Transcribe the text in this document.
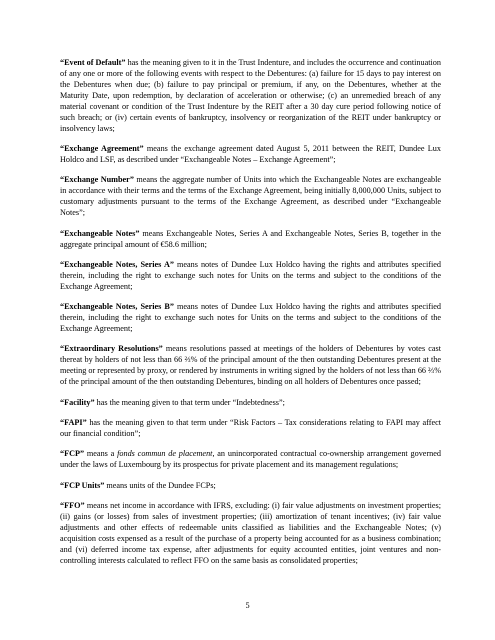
“Event of Default” has the meaning given to it in the Trust Indenture, and includes the occurrence and continuation of any one or more of the following events with respect to the Debentures: (a) failure for 15 days to pay interest on the Debentures when due; (b) failure to pay principal or premium, if any, on the Debentures, whether at the Maturity Date, upon redemption, by declaration of acceleration or otherwise; (c) an unremedied breach of any material covenant or condition of the Trust Indenture by the REIT after a 30 day cure period following notice of such breach; or (iv) certain events of bankruptcy, insolvency or reorganization of the REIT under bankruptcy or insolvency laws;

“Exchange Agreement” means the exchange agreement dated August 5, 2011 between the REIT, Dundee Lux Holdco and LSF, as described under “Exchangeable Notes – Exchange Agreement”;

“Exchange Number” means the aggregate number of Units into which the Exchangeable Notes are exchangeable in accordance with their terms and the terms of the Exchange Agreement, being initially 8,000,000 Units, subject to customary adjustments pursuant to the terms of the Exchange Agreement, as described under “Exchangeable Notes”;

“Exchangeable Notes” means Exchangeable Notes, Series A and Exchangeable Notes, Series B, together in the aggregate principal amount of €58.6 million;

“Exchangeable Notes, Series A” means notes of Dundee Lux Holdco having the rights and attributes specified therein, including the right to exchange such notes for Units on the terms and subject to the conditions of the Exchange Agreement;

“Exchangeable Notes, Series B” means notes of Dundee Lux Holdco having the rights and attributes specified therein, including the right to exchange such notes for Units on the terms and subject to the conditions of the Exchange Agreement;

“Extraordinary Resolutions” means resolutions passed at meetings of the holders of Debentures by votes cast thereat by holders of not less than 66 ⅔% of the principal amount of the then outstanding Debentures present at the meeting or represented by proxy, or rendered by instruments in writing signed by the holders of not less than 66 ⅔% of the principal amount of the then outstanding Debentures, binding on all holders of Debentures once passed;

“Facility” has the meaning given to that term under “Indebtedness”;

“FAPI” has the meaning given to that term under “Risk Factors – Tax considerations relating to FAPI may affect our financial condition”;

“FCP” means a fonds commun de placement, an unincorporated contractual co-ownership arrangement governed under the laws of Luxembourg by its prospectus for private placement and its management regulations;

“FCP Units” means units of the Dundee FCPs;

“FFO” means net income in accordance with IFRS, excluding: (i) fair value adjustments on investment properties; (ii) gains (or losses) from sales of investment properties; (iii) amortization of tenant incentives; (iv) fair value adjustments and other effects of redeemable units classified as liabilities and the Exchangeable Notes; (v) acquisition costs expensed as a result of the purchase of a property being accounted for as a business combination; and (vi) deferred income tax expense, after adjustments for equity accounted entities, joint ventures and non-controlling interests calculated to reflect FFO on the same basis as consolidated properties;

5
